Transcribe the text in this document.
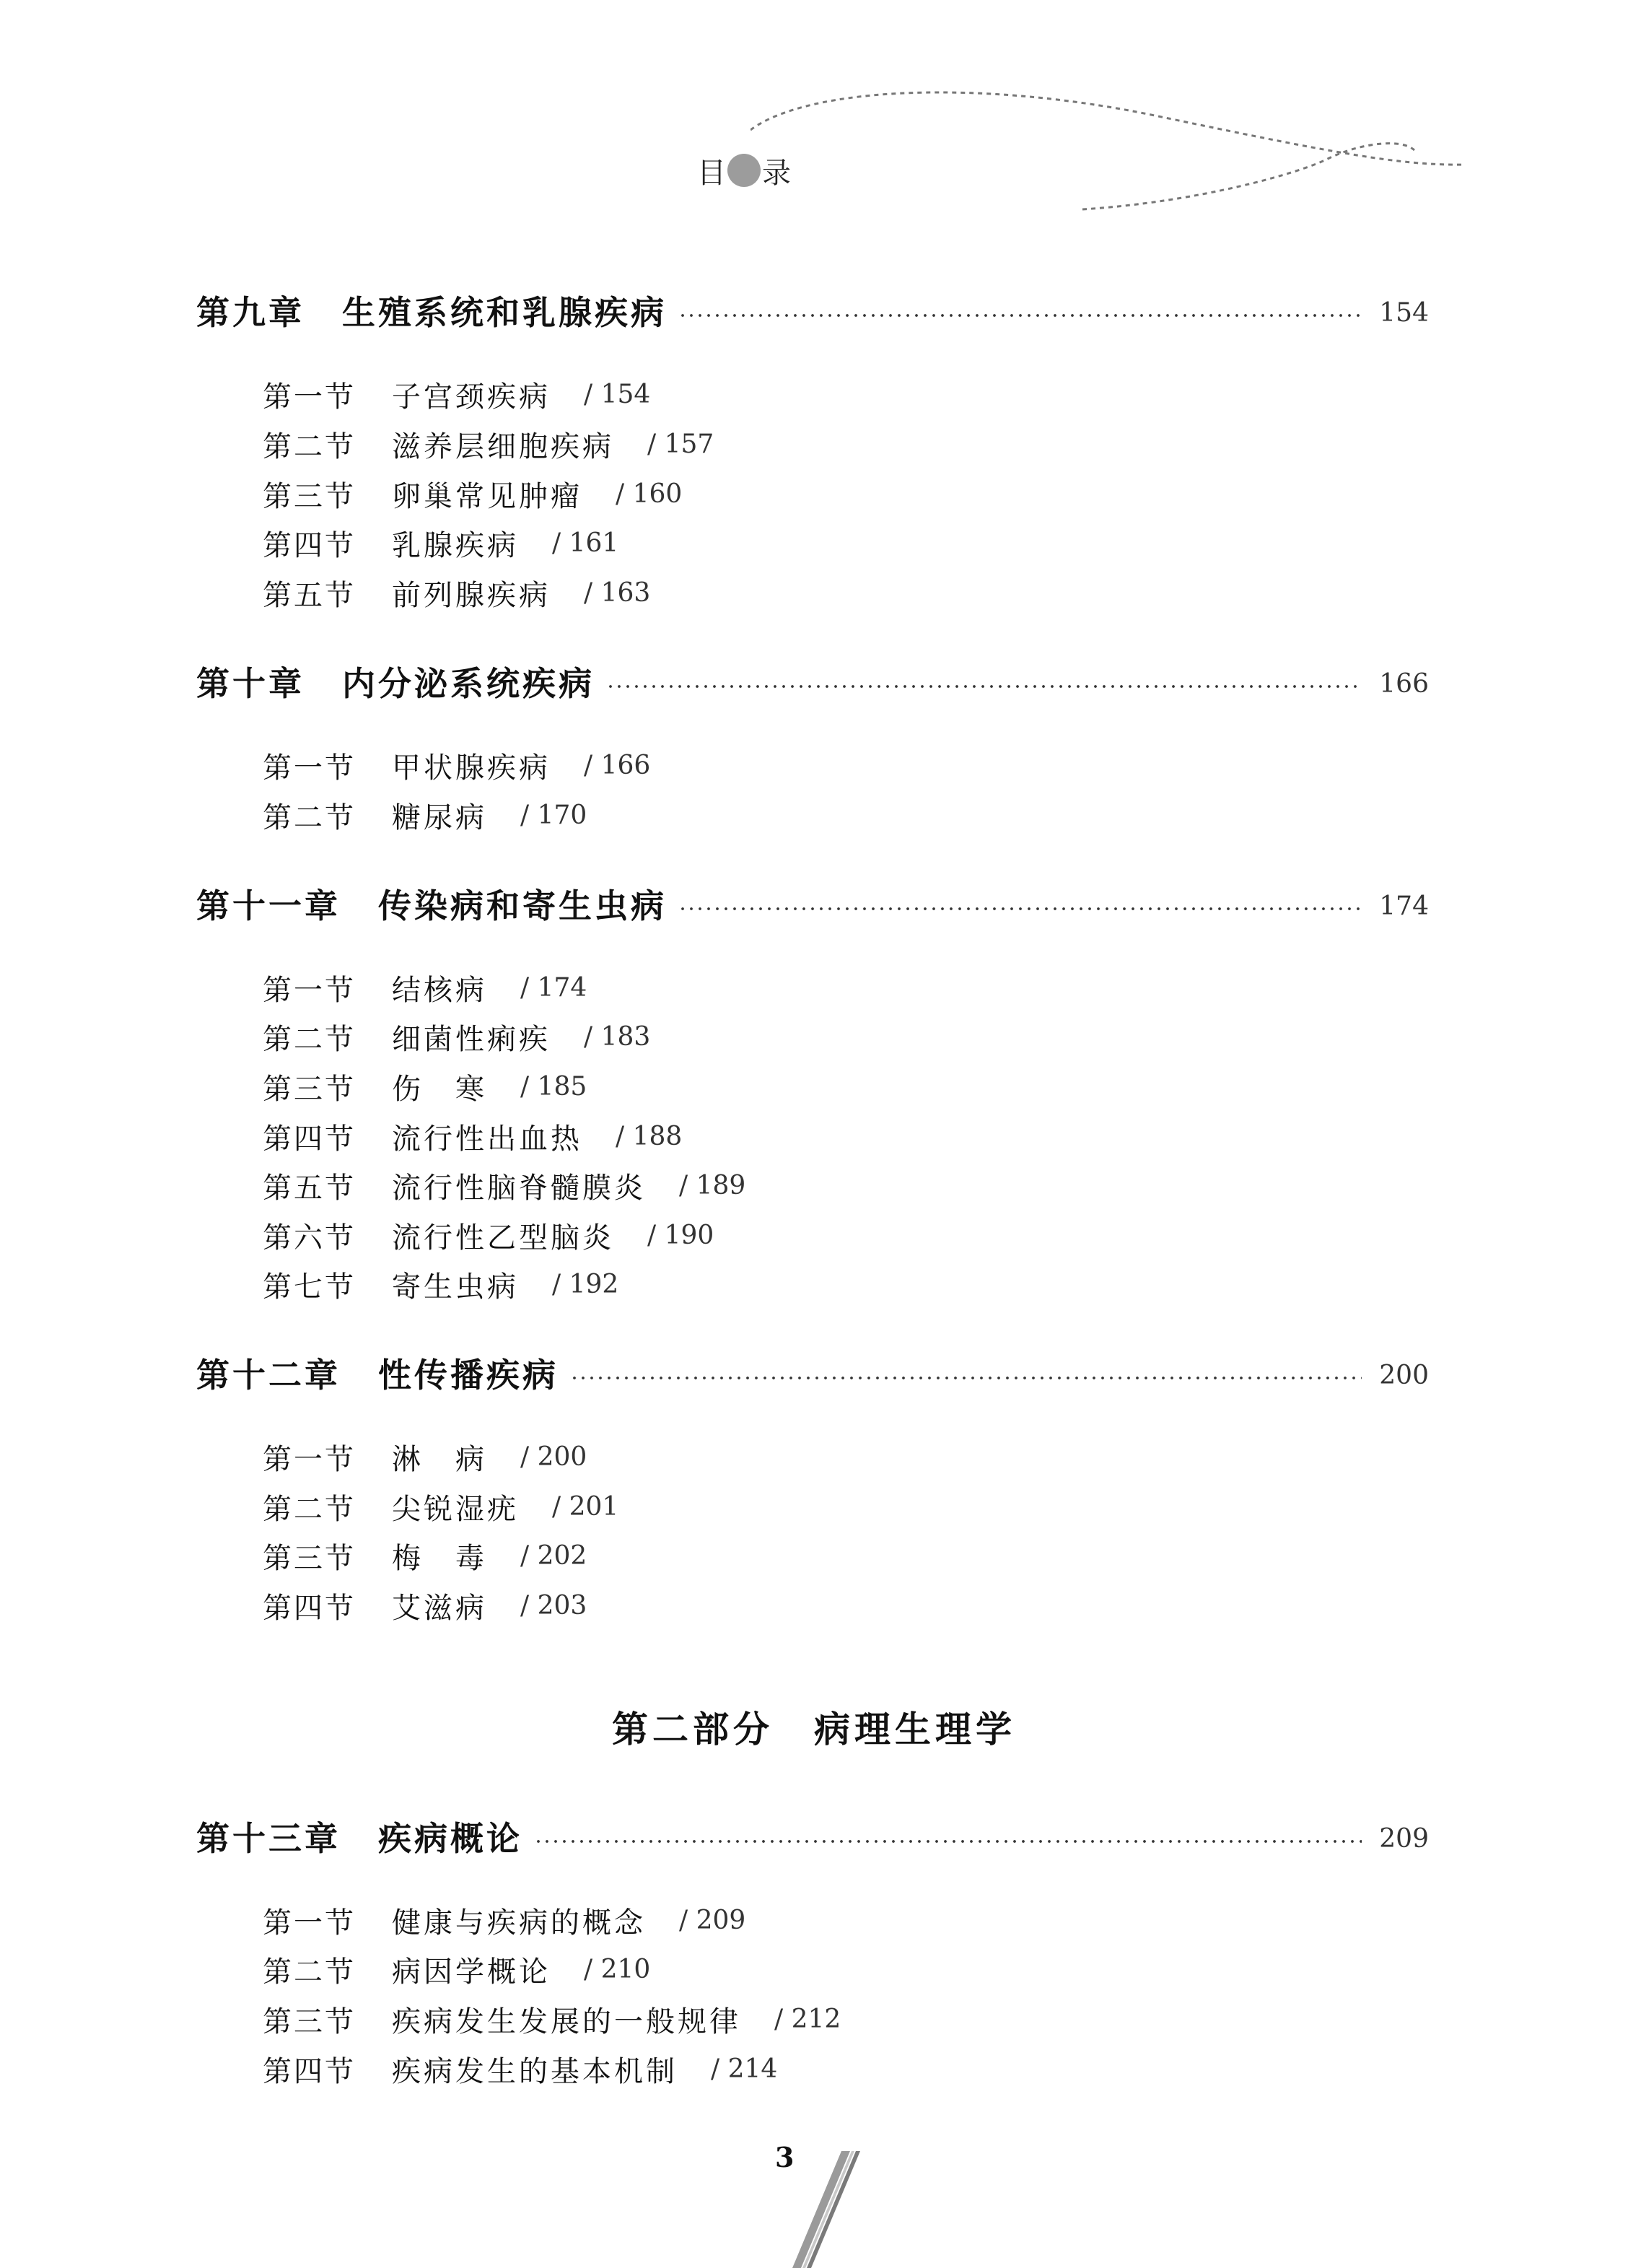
目 录
第九章 生殖系统和乳腺疾病	154
第一节 子宫颈疾病 / 154
第二节 滋养层细胞疾病 / 157
第三节 卵巢常见肿瘤 / 160
第四节 乳腺疾病 / 161
第五节 前列腺疾病 / 163
第十章 内分泌系统疾病	166
第一节 甲状腺疾病 / 166
第二节 糖尿病 / 170
第十一章 传染病和寄生虫病	174
第一节 结核病 / 174
第二节 细菌性痢疾 / 183
第三节 伤　寒 / 185
第四节 流行性出血热 / 188
第五节 流行性脑脊髓膜炎 / 189
第六节 流行性乙型脑炎 / 190
第七节 寄生虫病 / 192
第十二章 性传播疾病	200
第一节 淋　病 / 200
第二节 尖锐湿疣 / 201
第三节 梅　毒 / 202
第四节 艾滋病 / 203
第二部分　病理生理学
第十三章 疾病概论	209
第一节 健康与疾病的概念 / 209
第二节 病因学概论 / 210
第三节 疾病发生发展的一般规律 / 212
第四节 疾病发生的基本机制 / 214
3
